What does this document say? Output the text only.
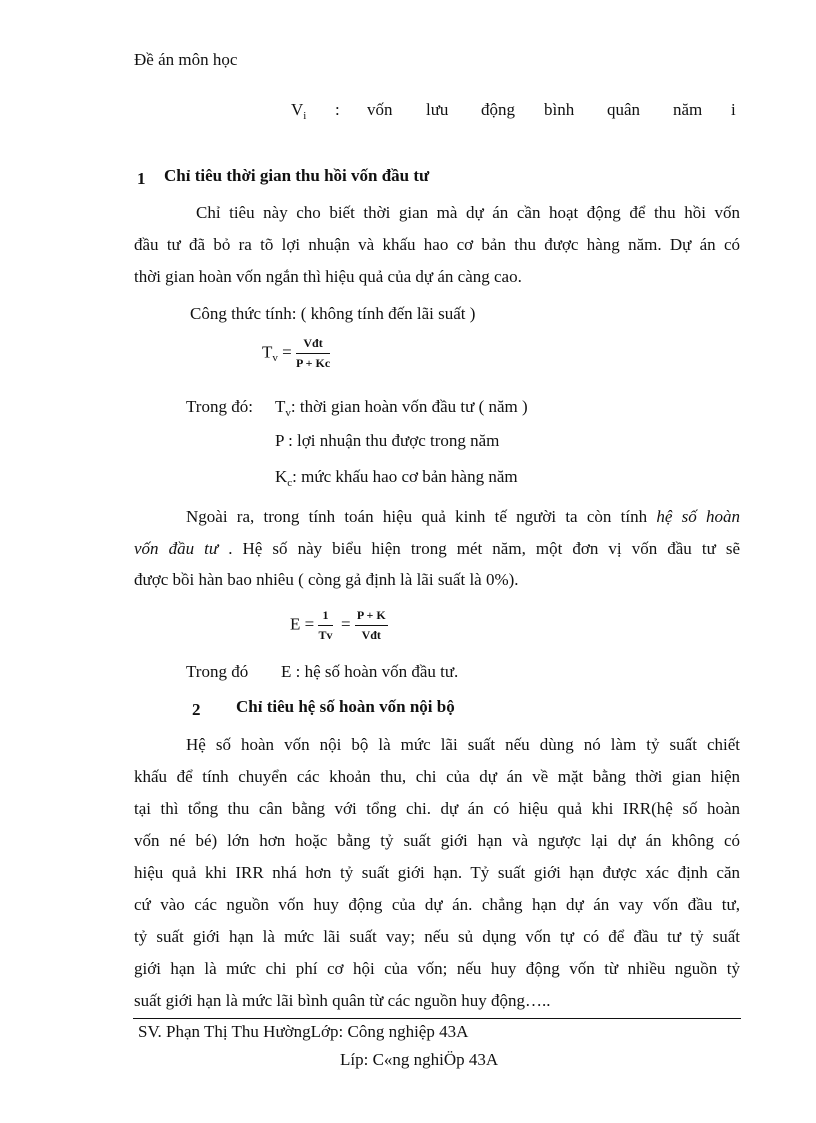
Đề án môn học
$V_i$ : vốn lưu động bình quân năm i
1 Chỉ tiêu thời gian thu hồi vốn đầu tư
Chỉ tiêu này cho biết thời gian mà dự án cần hoạt động để thu hồi vốn
đầu tư đã bỏ ra tõ lợi nhuận và khấu hao cơ bản thu được hàng năm. Dự án có
thời gian hoàn vốn ngắn thì hiệu quả của dự án càng cao.
Công thức tính: ( không tính đến lãi suất )
$T_v = \frac{\text{Vđt}}{P + Kc}$
Trong đó: $T_v$: thời gian hoàn vốn đầu tư ( năm )
P : lợi nhuận thu được trong năm
$K_c$: mức khấu hao cơ bản hàng năm
Ngoài ra, trong tính toán hiệu quả kinh tế người ta còn tính hệ số hoàn
vốn đầu tư . Hệ số này biểu hiện trong mét năm, một đơn vị vốn đầu tư sẽ
được bồi hàn bao nhiêu ( còng gả định là lãi suất là 0%).
$E = \frac{1}{Tv} = \frac{P + K}{\text{Vđt}}$
Trong đó E : hệ số hoàn vốn đầu tư.
2 Chỉ tiêu hệ số hoàn vốn nội bộ
Hệ số hoàn vốn nội bộ là mức lãi suất nếu dùng nó làm tỷ suất chiết
khấu để tính chuyển các khoản thu, chi của dự án về mặt bằng thời gian hiện
tại thì tổng thu cân bằng với tổng chi. dự án có hiệu quả khi IRR(hệ số hoàn
vốn né bé) lớn hơn hoặc bằng tỷ suất giới hạn và ngược lại dự án không có
hiệu quả khi IRR nhá hơn tỷ suất giới hạn. Tỷ suất giới hạn được xác định căn
cứ vào các nguồn vốn huy động của dự án. chẳng hạn dự án vay vốn đầu tư,
tỷ suất giới hạn là mức lãi suất vay; nếu sủ dụng vốn tự có để đầu tư tỷ suất
giới hạn là mức chi phí cơ hội của vốn; nếu huy động vốn từ nhiều nguồn tỷ
suất giới hạn là mức lãi bình quân từ các nguồn huy động…..
SV. Phạn Thị Thu HườngLớp: Công nghiệp 43A
Líp: C«ng nghiÖp 43A
